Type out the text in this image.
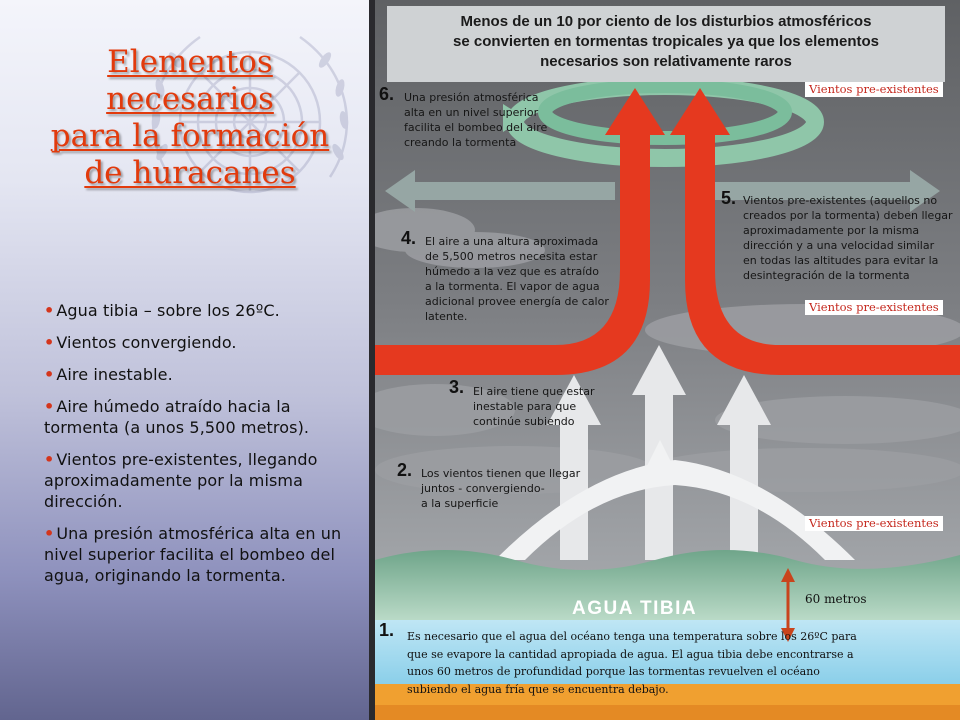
Elementos
necesarios
para la formación
de huracanes
• Agua tibia – sobre los 26ºC.
• Vientos convergiendo.
• Aire inestable.
• Aire húmedo atraído hacia la tormenta (a unos 5,500 metros).
• Vientos pre-existentes, llegando aproximadamente por la misma dirección.
• Una presión atmosférica alta en un nivel superior facilita el bombeo del agua, originando la tormenta.
Menos de un 10 por ciento de los disturbios atmosféricos
se convierten en tormentas tropicales ya que los elementos
necesarios son relativamente raros
Vientos pre-existentes
Vientos pre-existentes
Vientos pre-existentes
6.
5.
4.
3.
2.
1.
Una presión atmosférica
alta en un nivel superior
facilita el bombeo del aire
creando la tormenta
Vientos pre-existentes (aquellos no
creados por la tormenta) deben llegar
aproximadamente por la misma
dirección y a una velocidad similar
en todas las altitudes para evitar la
desintegración de la tormenta
El aire a una altura aproximada
de 5,500 metros necesita estar
húmedo a la vez que es atraído
a la tormenta. El vapor de agua
adicional provee energía de calor
latente.
El aire tiene que estar
inestable para que
continúe subiendo
Los vientos tienen que llegar
juntos - convergiendo-
a la superficie
AGUA TIBIA	60 metros
Es necesario que el agua del océano tenga una temperatura sobre los 26ºC para
que se evapore la cantidad apropiada de agua. El agua tibia debe encontrarse a
unos 60 metros de profundidad porque las tormentas revuelven el océano
subiendo el agua fría que se encuentra debajo.
